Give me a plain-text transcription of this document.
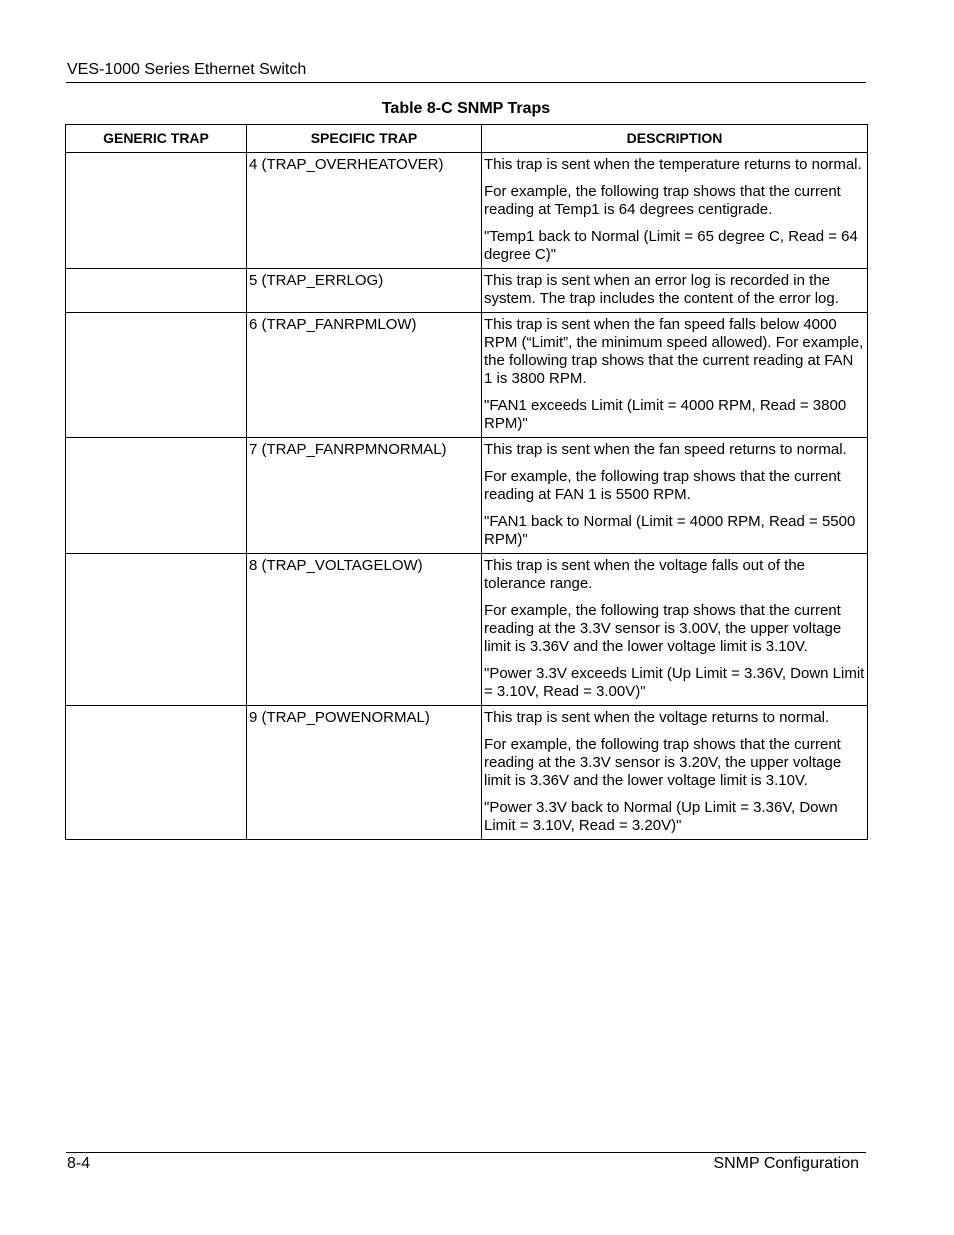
VES-1000 Series Ethernet Switch
Table 8-C SNMP Traps
GENERIC TRAP	SPECIFIC TRAP	DESCRIPTION
	4 (TRAP_OVERHEATOVER)	This trap is sent when the temperature returns to normal.

For example, the following trap shows that the current reading at Temp1 is 64 degrees centigrade.

"Temp1 back to Normal (Limit = 65 degree C, Read = 64 degree C)"

	5 (TRAP_ERRLOG)	This trap is sent when an error log is recorded in the system. The trap includes the content of the error log.

	6 (TRAP_FANRPMLOW)	This trap is sent when the fan speed falls below 4000 RPM (“Limit”, the minimum speed allowed). For example, the following trap shows that the current reading at FAN 1 is 3800 RPM.

"FAN1 exceeds Limit (Limit = 4000 RPM, Read = 3800 RPM)"

	7 (TRAP_FANRPMNORMAL)	This trap is sent when the fan speed returns to normal.

For example, the following trap shows that the current reading at FAN 1 is 5500 RPM.

"FAN1 back to Normal (Limit = 4000 RPM, Read = 5500 RPM)"

	8 (TRAP_VOLTAGELOW)	This trap is sent when the voltage falls out of the tolerance range.

For example, the following trap shows that the current reading at the 3.3V sensor is 3.00V, the upper voltage limit is 3.36V and the lower voltage limit is 3.10V.

"Power 3.3V exceeds Limit (Up Limit = 3.36V, Down Limit = 3.10V, Read = 3.00V)"

	9 (TRAP_POWENORMAL)	This trap is sent when the voltage returns to normal.

For example, the following trap shows that the current reading at the 3.3V sensor is 3.20V, the upper voltage limit is 3.36V and the lower voltage limit is 3.10V.

"Power 3.3V back to Normal (Up Limit = 3.36V, Down Limit = 3.10V, Read = 3.20V)"

8-4	SNMP Configuration
